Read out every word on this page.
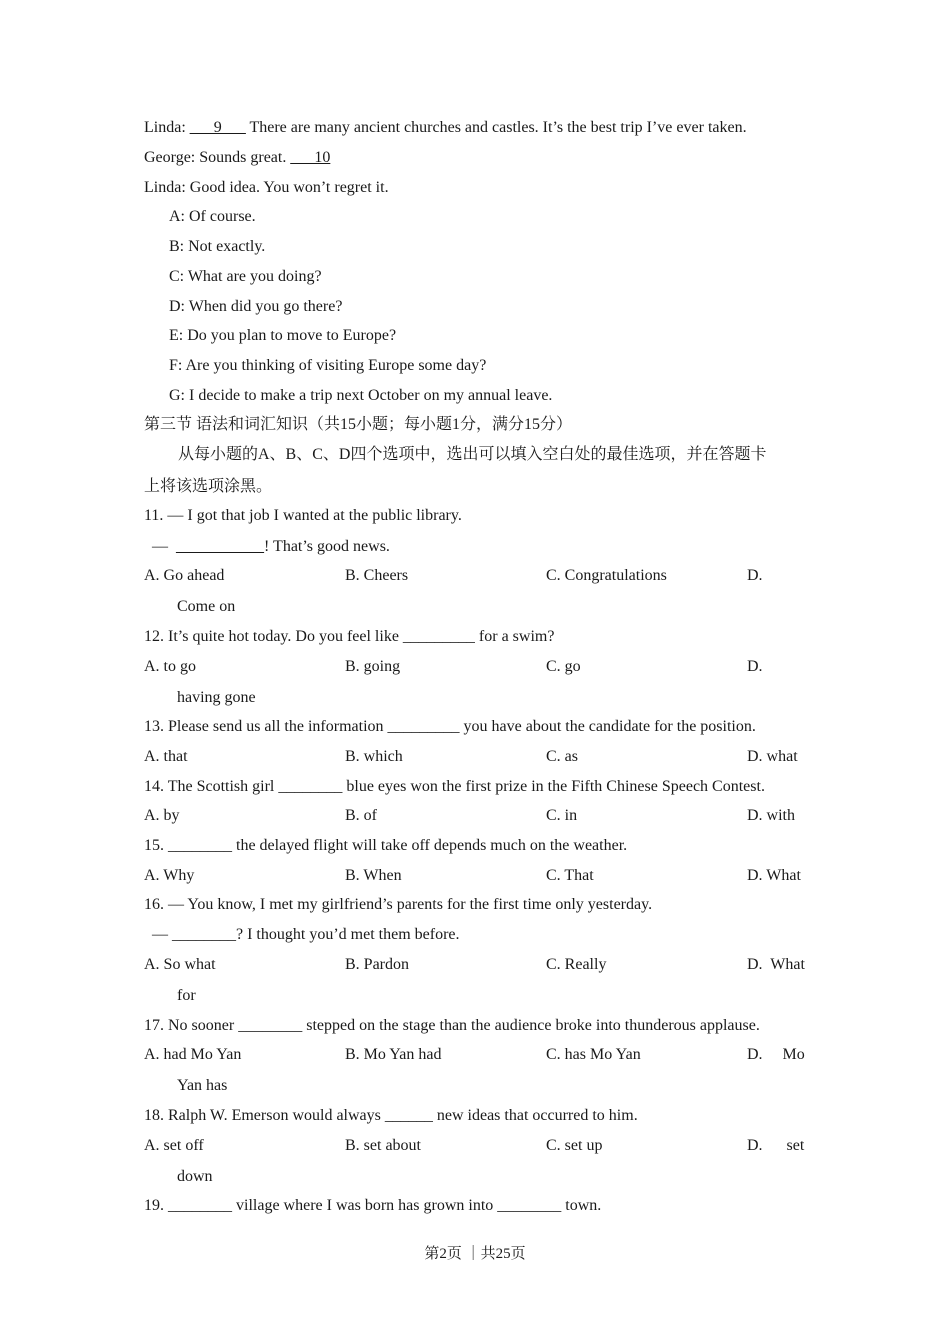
Linda: ___9___ There are many ancient churches and castles. It’s the best trip I’ve ever taken.
George: Sounds great. ___10
Linda: Good idea. You won’t regret it.
A: Of course.
B: Not exactly.
C: What are you doing?
D: When did you go there?
E: Do you plan to move to Europe?
F: Are you thinking of visiting Europe some day?
G: I decide to make a trip next October on my annual leave.
第三节 语法和词汇知识（共15小题；每小题1分，满分15分）
从每小题的A、B、C、D四个选项中，选出可以填入空白处的最佳选项，并在答题卡
上将该选项涂黑。
11. — I got that job I wanted at the public library.
—  ___________! That’s good news.
A. Go ahead	B. Cheers	C. Congratulations	D.
Come on
12. It’s quite hot today. Do you feel like _________ for a swim?
A. to go	B. going	C. go	D.
having gone
13. Please send us all the information _________ you have about the candidate for the position.
A. that	B. which	C. as	D. what
14. The Scottish girl ________ blue eyes won the first prize in the Fifth Chinese Speech Contest.
A. by	B. of	C. in	D. with
15. ________ the delayed flight will take off depends much on the weather.
A. Why	B. When	C. That	D. What
16. — You know, I met my girlfriend’s parents for the first time only yesterday.
— ________? I thought you’d met them before.
A. So what	B. Pardon	C. Really	D.  What
for
17. No sooner ________ stepped on the stage than the audience broke into thunderous applause.
A. had Mo Yan	B. Mo Yan had	C. has Mo Yan	D.     Mo
Yan has
18. Ralph W. Emerson would always ______ new ideas that occurred to him.
A. set off	B. set about	C. set up	D.      set
down
19. ________ village where I was born has grown into ________ town.
第2页 ｜共25页
